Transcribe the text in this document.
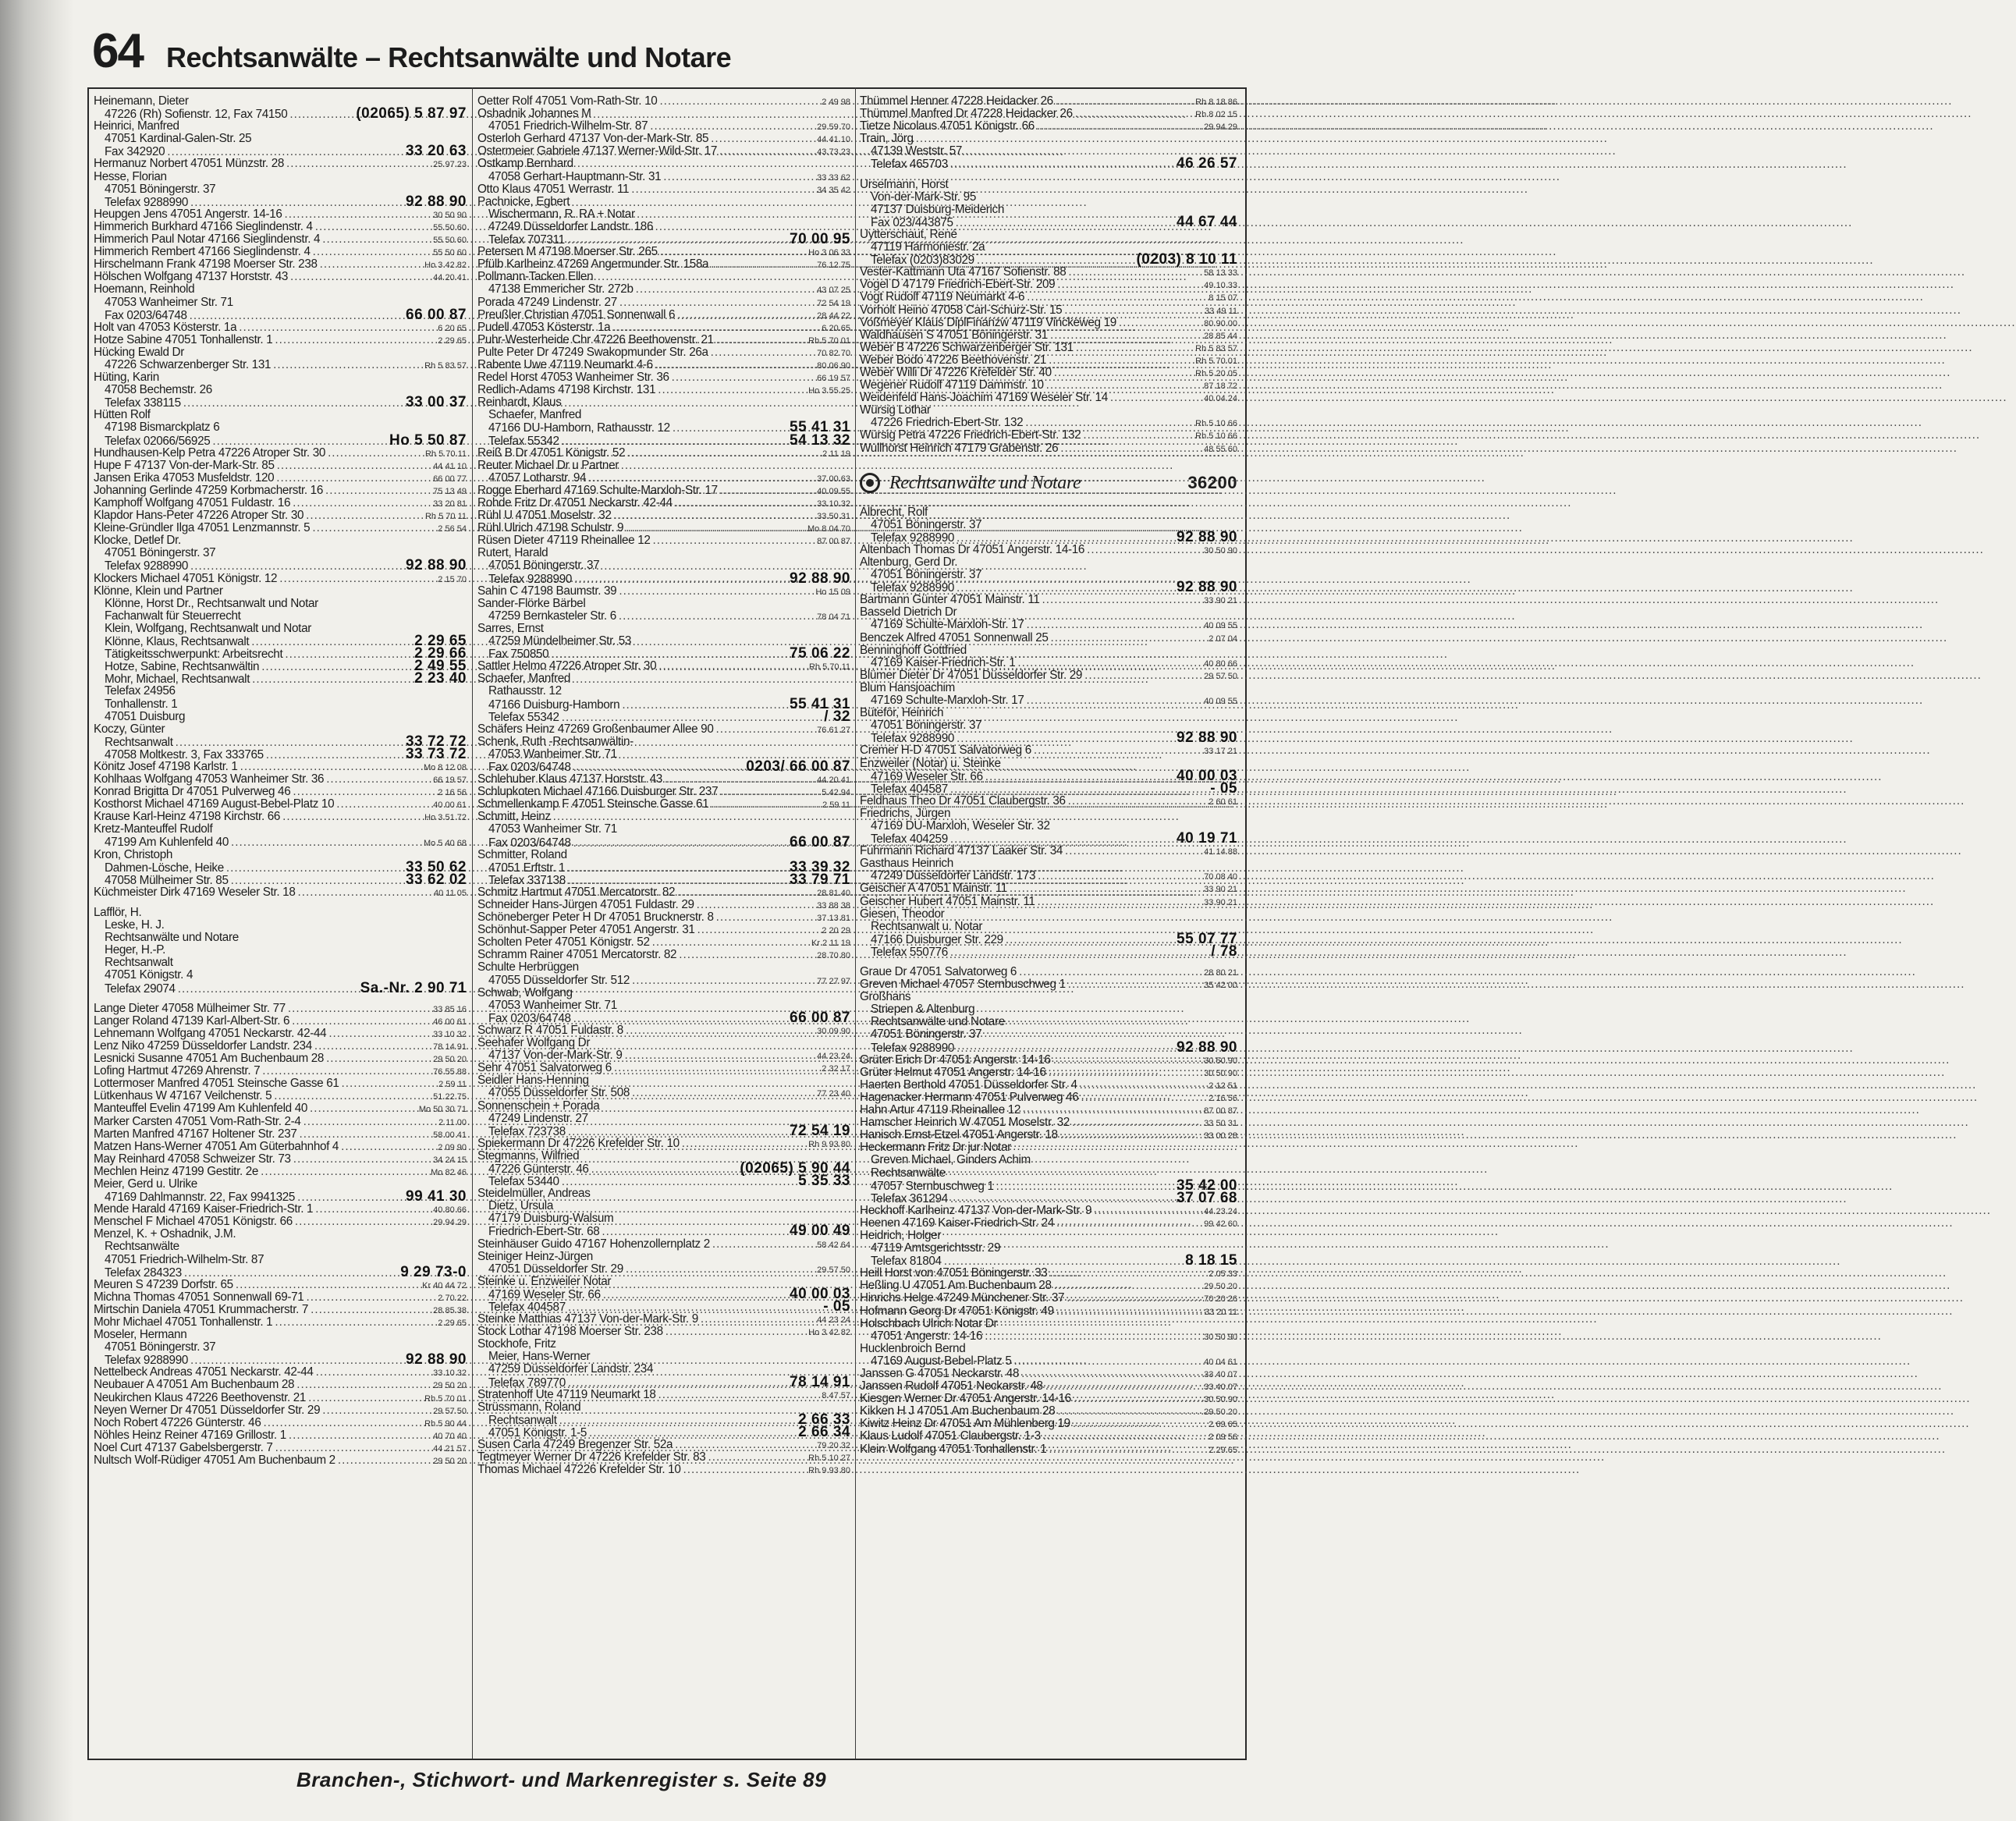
64 Rechtsanwälte – Rechtsanwälte und Notare
Heinemann, Dieter
47226 (Rh) Sofienstr. 12, Fax 74150 .....	(02065) 5 87 97
Heinrici, Manfred
47051 Kardinal-Galen-Str. 25
Fax 342920 .....	33 20 63
Hermanuz Norbert 47051 Münzstr. 28 .....	25 97 23
Hesse, Florian
47051 Böningerstr. 37
Telefax 9288990 .....	92 88 90
Heupgen Jens 47051 Angerstr. 14-16 .....	30 50 90
Himmerich Burkhard 47166 Sieglindenstr. 4 .....	55 50 60
Himmerich Paul Notar 47166 Sieglindenstr. 4 .....	55 50 60
Himmerich Rembert 47166 Sieglindenstr. 4 .....	55 50 60
Hirschelmann Frank 47198 Moerser Str. 238 .....	Ho 3 42 82
Hölschen Wolfgang 47137 Horststr. 43 .....	44 20 41
Hoemann, Reinhold
47053 Wanheimer Str. 71
Fax 0203/64748 .....	66 00 87
Holt van 47053 Kösterstr. 1a .....	6 20 65
Hotze Sabine 47051 Tonhallenstr. 1 .....	2 29 65
Hücking Ewald Dr
47226 Schwarzenberger Str. 131 .....	Rh 5 83 57
Hüting, Karin
47058 Bechemstr. 26
Telefax 338115 .....	33 00 37
Hütten Rolf
47198 Bismarckplatz 6
Telefax 02066/56925 .....	Ho 5 50 87
Hundhausen-Kelp Petra 47226 Atroper Str. 30 .....	Rh 5 70 11
Hupe F 47137 Von-der-Mark-Str. 85 .....	44 41 10
Jansen Erika 47053 Musfeldstr. 120 .....	66 00 77
Johanning Gerlinde 47259 Korbmacherstr. 16 .....	75 13 49
Kamphoff Wolfgang 47051 Fuldastr. 16 .....	33 20 81
Klapdor Hans-Peter 47226 Atroper Str. 30 .....	Rh 5 70 11
Kleine-Gründler Ilga 47051 Lenzmannstr. 5 .....	2 56 54
Klocke, Detlef Dr.
47051 Böningerstr. 37
Telefax 9288990 .....	92 88 90
Klockers Michael 47051 Königstr. 12 .....	2 15 70
Klönne, Klein und Partner
Klönne, Horst Dr., Rechtsanwalt und Notar
Fachanwalt für Steuerrecht
Klein, Wolfgang, Rechtsanwalt und Notar
Klönne, Klaus, Rechtsanwalt .....	2 29 65
Tätigkeitsschwerpunkt: Arbeitsrecht .....	2 29 66
Hotze, Sabine, Rechtsanwältin .....	2 49 55
Mohr, Michael, Rechtsanwalt .....	2 23 40
Telefax 24956
Tonhallenstr. 1
47051 Duisburg
Koczy, Günter
Rechtsanwalt .....	33 72 72
47058 Moltkestr. 3, Fax 333765 .....	33 73 72
Könitz Josef 47198 Karlstr. 1 .....	Mo 8 12 08
Kohlhaas Wolfgang 47053 Wanheimer Str. 36 .....	66 19 57
Konrad Brigitta Dr 47051 Pulverweg 46 .....	2 16 56
Kosthorst Michael 47169 August-Bebel-Platz 10 .....	40 00 61
Krause Karl-Heinz 47198 Kirchstr. 66 .....	Ho 3 51 72
Kretz-Manteuffel Rudolf
47199 Am Kuhlenfeld 40 .....	Mo 5 40 68
Kron, Christoph
Dahmen-Lösche, Heike .....	33 50 62
47058 Mülheimer Str. 85 .....	33 62 02
Küchmeister Dirk 47169 Weseler Str. 18 .....	40 11 05
Lafflör, H.
Leske, H. J.
Rechtsanwälte und Notare
Heger, H.-P.
Rechtsanwalt
47051 Königstr. 4
Telefax 29074 .....	Sa.-Nr. 2 90 71
Lange Dieter 47058 Mülheimer Str. 77 .....	33 85 16
Langer Roland 47139 Karl-Albert-Str. 6 .....	46 00 61
Lehnemann Wolfgang 47051 Neckarstr. 42-44 .....	33 10 32
Lenz Niko 47259 Düsseldorfer Landstr. 234 .....	78 14 91
Lesnicki Susanne 47051 Am Buchenbaum 28 .....	29 50 20
Lofing Hartmut 47269 Ahrenstr. 7 .....	76 55 88
Lottermoser Manfred 47051 Steinsche Gasse 61 .....	2 59 11
Lütkenhaus W 47167 Veilchenstr. 5 .....	51 22 75
Manteuffel Evelin 47199 Am Kuhlenfeld 40 .....	Mo 50 30 71
Marker Carsten 47051 Vom-Rath-Str. 2-4 .....	2 11 00
Marten Manfred 47167 Holtener Str. 237 .....	58 00 41
Matzen Hans-Werner 47051 Am Güterbahnhof 4 .....	2 09 90
May Reinhard 47058 Schweizer Str. 73 .....	34 24 15
Mechlen Heinz 47199 Gestitr. 2e .....	Mo 82 46
Meier, Gerd u. Ulrike
47169 Dahlmannstr. 22, Fax 9941325 .....	99 41 30
Mende Harald 47169 Kaiser-Friedrich-Str. 1 .....	40 80 66
Menschel F Michael 47051 Königstr. 66 .....	29 94 29
Menzel, K. + Oshadnik, J.M.
Rechtsanwälte
47051 Friedrich-Wilhelm-Str. 87
Telefax 284323 .....	9 29 73-0
Meuren S 47239 Dorfstr. 65 .....	Kr 40 44 72
Michna Thomas 47051 Sonnenwall 69-71 .....	2 70 22
Mirtschin Daniela 47051 Krummacherstr. 7 .....	28 85 38
Mohr Michael 47051 Tonhallenstr. 1 .....	2 29 65
Moseler, Hermann
47051 Böningerstr. 37
Telefax 9288990 .....	92 88 90
Nettelbeck Andreas 47051 Neckarstr. 42-44 .....	33 10 32
Neubauer A 47051 Am Buchenbaum 28 .....	29 50 20
Neukirchen Klaus 47226 Beethovenstr. 21 .....	Rh 5 70 01
Neyen Werner Dr 47051 Düsseldorfer Str. 29 .....	29 57 50
Noch Robert 47226 Günterstr. 46 .....	Rh 5 90 44
Nöhles Heinz Reiner 47169 Grillostr. 1 .....	40 70 40
Noel Curt 47137 Gabelsbergerstr. 7 .....	44 21 57
Nultsch Wolf-Rüdiger 47051 Am Buchenbaum 2 .....	29 50 20
Oetter Rolf 47051 Vom-Rath-Str. 10 .....	2 49 98
Oshadnik Johannes M
47051 Friedrich-Wilhelm-Str. 87 .....	29 59 70
Osterloh Gerhard 47137 Von-der-Mark-Str. 85 .....	44 41 10
Ostermeier Gabriele 47137 Werner-Wild-Str. 17 .....	43 73 23
Ostkamp Bernhard
47058 Gerhart-Hauptmann-Str. 31 .....	33 33 62
Otto Klaus 47051 Werrastr. 11 .....	34 35 42
Pachnicke, Egbert
Wischermann, R. RA + Notar
47249 Düsseldorfer Landstr. 186
Telefax 707311 .....	70 00 95
Petersen M 47198 Moerser Str. 265 .....	Ho 3 06 33
Pfülb Karlheinz 47269 Angermunder Str. 158a .....	76 12 75
Pollmann-Tacken Ellen
47138 Emmericher Str. 272b .....	43 07 25
Porada 47249 Lindenstr. 27 .....	72 54 19
Preußler Christian 47051 Sonnenwall 6 .....	28 44 22
Pudell 47053 Kösterstr. 1a .....	6 20 65
Puhr-Westerheide Chr 47226 Beethovenstr. 21 .....	Rh 5 70 01
Pulte Peter Dr 47249 Swakopmunder Str. 26a .....	70 82 70
Rabente Uwe 47119 Neumarkt 4-6 .....	80 06 90
Redel Horst 47053 Wanheimer Str. 36 .....	66 19 57
Redlich-Adams 47198 Kirchstr. 131 .....	Ho 3 55 25
Reinhardt, Klaus
Schaefer, Manfred
47166 DU-Hamborn, Rathausstr. 12 .....	55 41 31
Telefax 55342 .....	54 13 32
Reiß B Dr 47051 Königstr. 52 .....	2 11 19
Reuter Michael Dr u Partner
47057 Lotharstr. 94 .....	37 00 63
Rogge Eberhard 47169 Schulte-Marxloh-Str. 17 .....	40 09 55
Rohde Fritz Dr 47051 Neckarstr. 42-44 .....	33 10 32
Rühl U 47051 Moselstr. 32 .....	33 50 31
Rühl Ulrich 47198 Schulstr. 9 .....	Mo 8 04 70
Rüsen Dieter 47119 Rheinallee 12 .....	87 00 87
Rutert, Harald
47051 Böningerstr. 37
Telefax 9288990 .....	92 88 90
Sahin C 47198 Baumstr. 39 .....	Ho 15 09
Sander-Flörke Bärbel
47259 Bernkasteler Str. 6 .....	78 04 71
Sarres, Ernst
47259 Mündelheimer Str. 53
Fax 750850 .....	75 06 22
Sattler Helmo 47226 Atroper Str. 30 .....	Rh 5 70 11
Schaefer, Manfred
Rathausstr. 12
47166 Duisburg-Hamborn .....	55 41 31
Telefax 55342 .....	/ 32
Schäfers Heinz 47269 Großenbaumer Allee 90 .....	76 61 27
Schenk, Ruth -Rechtsanwältin-
47053 Wanheimer Str. 71
Fax 0203/64748 .....	0203/ 66 00 87
Schlehuber Klaus 47137 Horststr. 43 .....	44 20 41
Schlupkoten Michael 47166 Duisburger Str. 237 .....	5 42 94
Schmellenkamp F 47051 Steinsche Gasse 61 .....	2 59 11
Schmitt, Heinz
47053 Wanheimer Str. 71
Fax 0203/64748 .....	66 00 87
Schmitter, Roland
47051 Erftstr. 1 .....	33 39 32
Telefax 337138 .....	33 79 71
Schmitz Hartmut 47051 Mercatorstr. 82 .....	28 81 40
Schneider Hans-Jürgen 47051 Fuldastr. 29 .....	33 88 38
Schöneberger Peter H Dr 47051 Brucknerstr. 8 .....	37 13 81
Schönhut-Sapper Peter 47051 Angerstr. 31 .....	2 20 29
Scholten Peter 47051 Königstr. 52 .....	Kr 2 11 19
Schramm Rainer 47051 Mercatorstr. 82 .....	28 70 80
Schulte Herbrüggen
47055 Düsseldorfer Str. 512 .....	77 27 97
Schwab, Wolfgang
47053 Wanheimer Str. 71
Fax 0203/64748 .....	66 00 87
Schwarz R 47051 Fuldastr. 8 .....	30 09 90
Seehafer Wolfgang Dr
47137 Von-der-Mark-Str. 9 .....	44 23 24
Sehr 47051 Salvatorweg 6 .....	2 32 17
Seidler Hans-Henning
47055 Düsseldorfer Str. 508 .....	77 23 40
Sonnenschein + Porada
47249 Lindenstr. 27
Telefax 723738 .....	72 54 19
Spiekermann Dr 47226 Krefelder Str. 10 .....	Rh 9 93 80
Stegmanns, Wilfried
47226 Günterstr. 46 .....	(02065) 5 90 44
Telefax 53440 .....	5 35 33
Steidelmüller, Andreas
Dietz, Ursula
47179 Duisburg-Walsum
Friedrich-Ebert-Str. 68 .....	49 00 49
Steinhäuser Guido 47167 Hohenzollernplatz 2 .....	58 42 64
Steiniger Heinz-Jürgen
47051 Düsseldorfer Str. 29 .....	29 57 50
Steinke u. Enzweiler Notar
47169 Weseler Str. 66 .....	40 00 03
Telefax 404587 .....	- 05
Steinke Matthias 47137 Von-der-Mark-Str. 9 .....	44 23 24
Stock Lothar 47198 Moerser Str. 238 .....	Ho 3 42 82
Stockhofe, Fritz
Meier, Hans-Werner
47259 Düsseldorfer Landstr. 234
Telefax 789770 .....	78 14 91
Stratenhoff Ute 47119 Neumarkt 18 .....	8 47 57
Strüssmann, Roland
Rechtsanwalt .....	2 66 33
47051 Königstr. 1-5 .....	2 66 34
Susen Carla 47249 Bregenzer Str. 52a .....	79 20 32
Tegtmeyer Werner Dr 47226 Krefelder Str. 83 .....	Rh 5 10 27
Thomas Michael 47226 Krefelder Str. 10 .....	Rh 9 93 80
Thümmel Henner 47228 Heidacker 26 .....	Rh 8 18 86
Thümmel Manfred Dr 47228 Heidacker 26 .....	Rh 8 02 15
Tietze Nicolaus 47051 Königstr. 66 .....	29 94 29
Train, Jörg
47139 Weststr. 57
Telefax 465703 .....	46 26 57
Urselmann, Horst
Von-der-Mark-Str. 95
47137 Duisburg-Meiderich
Fax 023/443875 .....	44 67 44
Uytterschaut, René
47119 Harmoniestr. 2a
Telefax (0203)83029 .....	(0203) 8 10 11
Vester-Kattmann Uta 47167 Sofienstr. 88 .....	58 13 33
Vogel D 47179 Friedrich-Ebert-Str. 209 .....	49 10 33
Vogt Rudolf 47119 Neumarkt 4-6 .....	8 15 07
Vorholt Heino 47058 Carl-Schurz-Str. 15 .....	33 49 11
Voßmeyer Klaus DiplFinanzw 47119 Vinckeweg 19 .....	80 90 00
Waldhausen S 47051 Böningerstr. 31 .....	28 85 44
Weber B 47226 Schwarzenberger Str. 131 .....	Rh 5 83 57
Weber Bodo 47226 Beethovenstr. 21 .....	Rh 5 70 01
Weber Willi Dr 47226 Krefelder Str. 40 .....	Rh 5 20 05
Wegener Rudolf 47119 Dammstr. 10 .....	87 18 72
Weidenfeld Hans-Joachim 47169 Weseler Str. 14 .....	40 04 24
Würsig Lothar
47226 Friedrich-Ebert-Str. 132 .....	Rh 5 10 66
Würsig Petra 47226 Friedrich-Ebert-Str. 132 .....	Rh 5 10 66
Wullhorst Heinrich 47179 Grabenstr. 26 .....	48 55 60
Rechtsanwälte und Notare	36200
Albrecht, Rolf
47051 Böningerstr. 37
Telefax 9288990 .....	92 88 90
Altenbach Thomas Dr 47051 Angerstr. 14-16 .....	30 50 90
Altenburg, Gerd Dr.
47051 Böningerstr. 37
Telefax 9288990 .....	92 88 90
Bartmann Günter 47051 Mainstr. 11 .....	33 90 21
Basseld Dietrich Dr
47169 Schulte-Marxloh-Str. 17 .....	40 09 55
Benczek Alfred 47051 Sonnenwall 25 .....	2 07 04
Benninghoff Gottfried
47169 Kaiser-Friedrich-Str. 1 .....	40 80 66
Blümer Dieter Dr 47051 Düsseldorfer Str. 29 .....	29 57 50
Blum Hansjoachim
47169 Schulte-Marxloh-Str. 17 .....	40 09 55
Büteför, Heinrich
47051 Böningerstr. 37
Telefax 9288990 .....	92 88 90
Cremer H-D 47051 Salvatorweg 6 .....	33 17 21
Enzweiler (Notar) u. Steinke
47169 Weseler Str. 66 .....	40 00 03
Telefax 404587 .....	- 05
Feldhaus Theo Dr 47051 Claubergstr. 36 .....	2 60 61
Friedrichs, Jürgen
47169 DU-Marxloh, Weseler Str. 32
Telefax 404259 .....	40 19 71
Fuhrmann Richard 47137 Laaker Str. 34 .....	41 14 88
Gasthaus Heinrich
47249 Düsseldorfer Landstr. 173 .....	70 08 40
Geischer A 47051 Mainstr. 11 .....	33 90 21
Geischer Hubert 47051 Mainstr. 11 .....	33 90 21
Giesen, Theodor
Rechtsanwalt u. Notar
47166 Duisburger Str. 229 .....	55 07 77
Telefax 550776 .....	/ 78
Graue Dr 47051 Salvatorweg 6 .....	28 80 21
Greven Michael 47057 Sternbuschweg 1 .....	35 42 00
Großhans
Striepen & Altenburg
Rechtsanwälte und Notare
47051 Böningerstr. 37
Telefax 9288990 .....	92 88 90
Grüter Erich Dr 47051 Angerstr. 14-16 .....	30 50 90
Grüter Helmut 47051 Angerstr. 14-16 .....	30 50 90
Haerten Berthold 47051 Düsseldorfer Str. 4 .....	2 12 51
Hagenacker Hermann 47051 Pulverweg 46 .....	2 16 56
Hahn Artur 47119 Rheinallee 12 .....	87 00 87
Hamscher Heinrich W 47051 Moselstr. 32 .....	33 50 31
Hanisch Ernst-Etzel 47051 Angerstr. 18 .....	33 00 28
Heckermann Fritz Dr jur Notar
Greven Michael, Ginders Achim
Rechtsanwälte
47057 Sternbuschweg 1 .....	35 42 00
Telefax 361294 .....	37 07 68
Heckhoff Karlheinz 47137 Von-der-Mark-Str. 9 .....	44 23 24
Heenen 47169 Kaiser-Friedrich-Str. 24 .....	99 42 60
Heidrich, Holger
47119 Amtsgerichtsstr. 29
Telefax 81804 .....	8 18 15
Heill Horst von 47051 Böningerstr. 33 .....	2 05 33
Heßling U 47051 Am Buchenbaum 28 .....	29 50 20
Hinrichs Helge 47249 Münchener Str. 37 .....	70 20 26
Hofmann Georg Dr 47051 Königstr. 49 .....	33 20 11
Holschbach Ulrich Notar Dr
47051 Angerstr. 14-16 .....	30 50 90
Hucklenbroich Bernd
47169 August-Bebel-Platz 5 .....	40 04 61
Janssen G 47051 Neckarstr. 48 .....	33 40 07
Janssen Rudolf 47051 Neckarstr. 48 .....	33 40 07
Kiesgen Werner Dr 47051 Angerstr. 14-16 .....	30 50 90
Kikken H J 47051 Am Buchenbaum 28 .....	29 50 20
Kiwitz Heinz Dr 47051 Am Mühlenberg 19 .....	2 69 65
Klaus Ludolf 47051 Claubergstr. 1-3 .....	2 09 56
Klein Wolfgang 47051 Tonhallenstr. 1 .....	2 29 65
Branchen-, Stichwort- und Markenregister s. Seite 89
